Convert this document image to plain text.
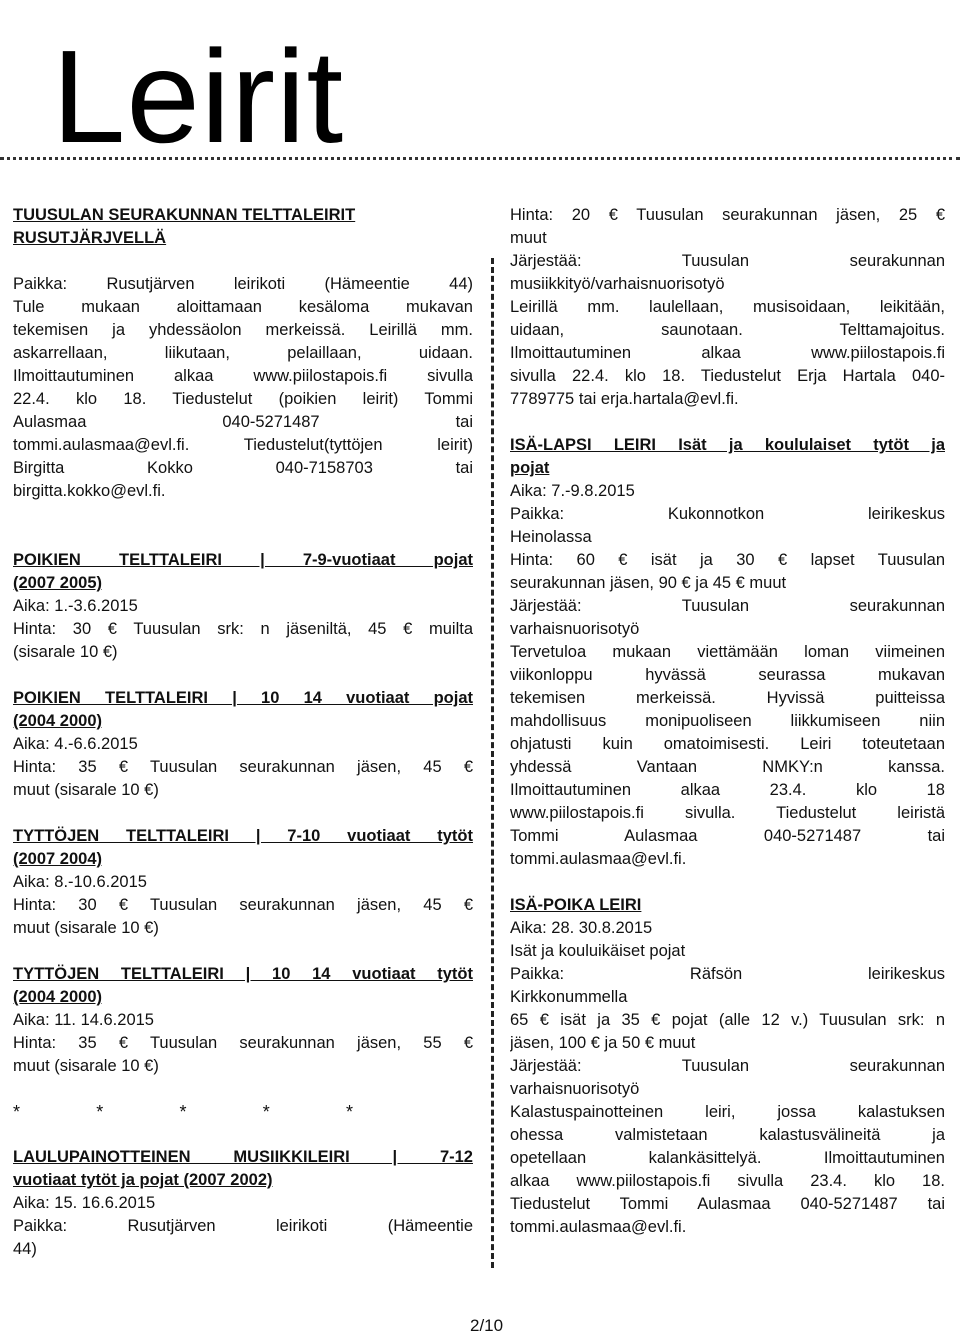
Leirit
TUUSULAN SEURAKUNNAN TELTTALEIRIT
RUSUTJÄRJVELLÄ
Paikka: Rusutjärven leirikoti (Hämeentie 44)
Tule mukaan aloittamaan kesäloma mukavan
tekemisen ja yhdessäolon merkeissä. Leirillä mm.
askarrellaan, liikutaan, pelaillaan, uidaan.
Ilmoittautuminen alkaa www.piilostapois.fi sivulla
22.4. klo 18. Tiedustelut (poikien leirit) Tommi
Aulasmaa 040-5271487 tai
tommi.aulasmaa@evl.fi. Tiedustelut(tyttöjen leirit)
Birgitta Kokko 040-7158703 tai
birgitta.kokko@evl.fi.
POIKIEN TELTTALEIRI | 7-9-vuotiaat pojat
(2007 2005)
Aika: 1.-3.6.2015
Hinta: 30 € Tuusulan srk: n jäseniltä, 45 € muilta
(sisarale 10 €)
POIKIEN TELTTALEIRI | 10 14 vuotiaat pojat
(2004 2000)
Aika: 4.-6.6.2015
Hinta: 35 € Tuusulan seurakunnan jäsen, 45 €
muut (sisarale 10 €)
TYTTÖJEN TELTTALEIRI | 7-10 vuotiaat tytöt
(2007 2004)
Aika: 8.-10.6.2015
Hinta: 30 € Tuusulan seurakunnan jäsen, 45 €
muut (sisarale 10 €)
TYTTÖJEN TELTTALEIRI | 10 14 vuotiaat tytöt
(2004 2000)
Aika: 11. 14.6.2015
Hinta: 35 € Tuusulan seurakunnan jäsen, 55 €
muut (sisarale 10 €)
*	*	*	*	*
LAULUPAINOTTEINEN MUSIIKKILEIRI | 7-12
vuotiaat tytöt ja pojat (2007 2002)
Aika: 15. 16.6.2015
Paikka: Rusutjärven leirikoti (Hämeentie
44)
Hinta: 20 € Tuusulan seurakunnan jäsen, 25 €
muut
Järjestää: Tuusulan seurakunnan
musiikkityö/varhaisnuorisotyö
Leirillä mm. laulellaan, musisoidaan, leikitään,
uidaan, saunotaan. Telttamajoitus.
Ilmoittautuminen alkaa www.piilostapois.fi
sivulla 22.4. klo 18. Tiedustelut Erja Hartala 040-
7789775 tai erja.hartala@evl.fi.
ISÄ-LAPSI LEIRI Isät ja koululaiset tytöt ja
pojat
Aika: 7.-9.8.2015
Paikka: Kukonnotkon leirikeskus
Heinolassa
Hinta: 60 € isät ja 30 € lapset Tuusulan
seurakunnan jäsen, 90 € ja 45 € muut
Järjestää: Tuusulan seurakunnan
varhaisnuorisotyö
Tervetuloa mukaan viettämään loman viimeinen
viikonloppu hyvässä seurassa mukavan
tekemisen merkeissä. Hyvissä puitteissa
mahdollisuus monipuoliseen liikkumiseen niin
ohjatusti kuin omatoimisesti. Leiri toteutetaan
yhdessä Vantaan NMKY:n kanssa.
Ilmoittautuminen alkaa 23.4. klo 18
www.piilostapois.fi sivulla. Tiedustelut leiristä
Tommi Aulasmaa 040-5271487 tai
tommi.aulasmaa@evl.fi.
ISÄ-POIKA LEIRI
Aika: 28. 30.8.2015
Isät ja kouluikäiset pojat
Paikka: Räfsön leirikeskus
Kirkkonummella
65 € isät ja 35 € pojat (alle 12 v.) Tuusulan srk: n
jäsen, 100 € ja 50 € muut
Järjestää: Tuusulan seurakunnan
varhaisnuorisotyö
Kalastuspainotteinen leiri, jossa kalastuksen
ohessa valmistetaan kalastusvälineitä ja
opetellaan kalankäsittelyä. Ilmoittautuminen
alkaa www.piilostapois.fi sivulla 23.4. klo 18.
Tiedustelut Tommi Aulasmaa 040-5271487 tai
tommi.aulasmaa@evl.fi.
2/10
